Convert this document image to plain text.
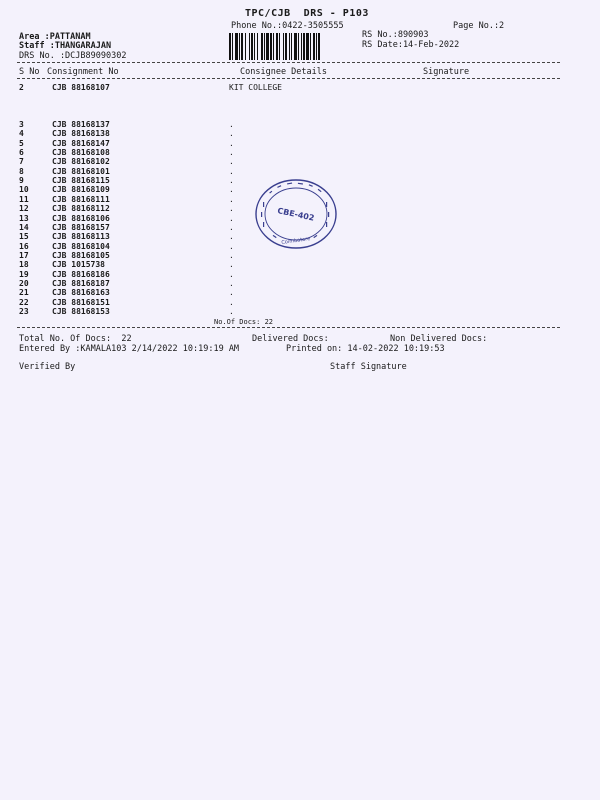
TPC/CJB  DRS - P103
Phone No.:0422-3505555	Page No.:2
Area :PATTANAM
Staff :THANGARAJAN
DRS No. :DCJB89090302
RS No.:890903
RS Date:14-Feb-2022
S No Consignment No	Consignee Details	Signature
2	CJB 88168107	KIT COLLEGE
3	CJB 88168137	.
4	CJB 88168138	.
5	CJB 88168147	.
6	CJB 88168108	.
7	CJB 88168102	.
8	CJB 88168101	.
9	CJB 88168115	.
10	CJB 88168109	.
11	CJB 88168111	.
12	CJB 88168112	.
13	CJB 88168106	.
14	CJB 88168157	.
15	CJB 88168113	.
16	CJB 88168104	.
17	CJB 88168105	.
18	CJB 1015738	.
19	CJB 88168186	.
20	CJB 88168187	.
21	CJB 88168163	.
22	CJB 88168151	.
23	CJB 88168153	.
No.Of Docs: 22
CBE-402
Coimbatore
Total No. Of Docs:  22	Delivered Docs:	Non Delivered Docs:
Entered By :KAMALA103 2/14/2022 10:19:19 AM	Printed on: 14-02-2022 10:19:53
Verified By	Staff Signature
